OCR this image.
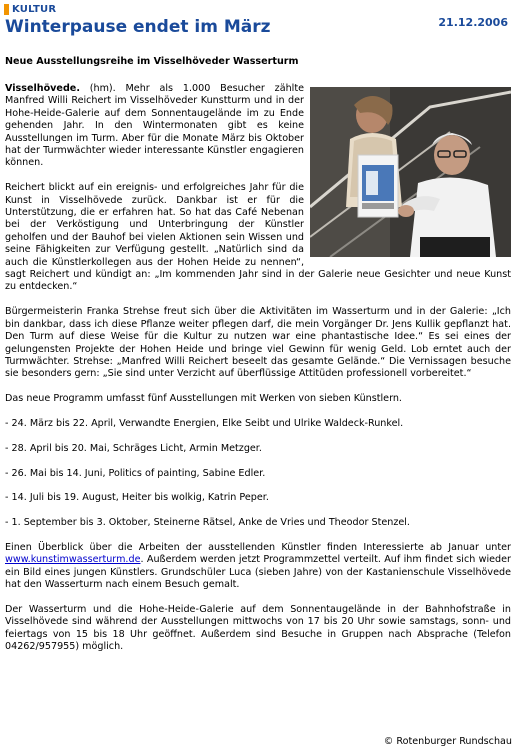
KULTUR
Winterpause endet im März	21.12.2006
Neue Ausstellungsreihe im Visselhöveder Wasserturm

Visselhövede. (hm). Mehr als 1.000 Besucher zählte Manfred Willi Reichert im Visselhöveder Kunstturm und in der Hohe-Heide-Galerie auf dem Sonnentaugelände im zu Ende gehenden Jahr. In den Wintermonaten gibt es keine Ausstellungen im Turm. Aber für die Monate März bis Oktober hat der Turmwächter wieder interessante Künstler engagieren können.

Reichert blickt auf ein ereignis- und erfolgreiches Jahr für die Kunst in Visselhövede zurück. Dankbar ist er für die Unterstützung, die er erfahren hat. So hat das Café Nebenan bei der Verköstigung und Unterbringung der Künstler geholfen und der Bauhof bei vielen Aktionen sein Wissen und seine Fähigkeiten zur Verfügung gestellt. „Natürlich sind da auch die Künstlerkollegen aus der Hohen Heide zu nennen“, sagt Reichert und kündigt an: „Im kommenden Jahr sind in der Galerie neue Gesichter und neue Kunst zu entdecken.“

Bürgermeisterin Franka Strehse freut sich über die Aktivitäten im Wasserturm und in der Galerie: „Ich bin dankbar, dass ich diese Pflanze weiter pflegen darf, die mein Vorgänger Dr. Jens Kullik gepflanzt hat. Den Turm auf diese Weise für die Kultur zu nutzen war eine phantastische Idee.“ Es sei eines der gelungensten Projekte der Hohen Heide und bringe viel Gewinn für wenig Geld. Lob erntet auch der Turmwächter. Strehse: „Manfred Willi Reichert beseelt das gesamte Gelände.“ Die Vernissagen besuche sie besonders gern: „Sie sind unter Verzicht auf überflüssige Attitüden professionell vorbereitet.“

Das neue Programm umfasst fünf Ausstellungen mit Werken von sieben Künstlern.

- 24. März bis 22. April, Verwandte Energien, Elke Seibt und Ulrike Waldeck-Runkel.

- 28. April bis 20. Mai, Schräges Licht, Armin Metzger.

- 26. Mai bis 14. Juni, Politics of painting, Sabine Edler.

- 14. Juli bis 19. August, Heiter bis wolkig, Katrin Peper.

- 1. September bis 3. Oktober, Steinerne Rätsel, Anke de Vries und Theodor Stenzel.

Einen Überblick über die Arbeiten der ausstellenden Künstler finden Interessierte ab Januar unter www.kunstimwasserturm.de. Außerdem werden jetzt Programmzettel verteilt. Auf ihm findet sich wieder ein Bild eines jungen Künstlers. Grundschüler Luca (sieben Jahre) von der Kastanienschule Visselhövede hat den Wasserturm nach einem Besuch gemalt.

Der Wasserturm und die Hohe-Heide-Galerie auf dem Sonnentaugelände in der Bahnhofstraße in Visselhövede sind während der Ausstellungen mittwochs von 17 bis 20 Uhr sowie samstags, sonn- und feiertags von 15 bis 18 Uhr geöffnet. Außerdem sind Besuche in Gruppen nach Absprache (Telefon 04262/957955) möglich.

© Rotenburger Rundschau
